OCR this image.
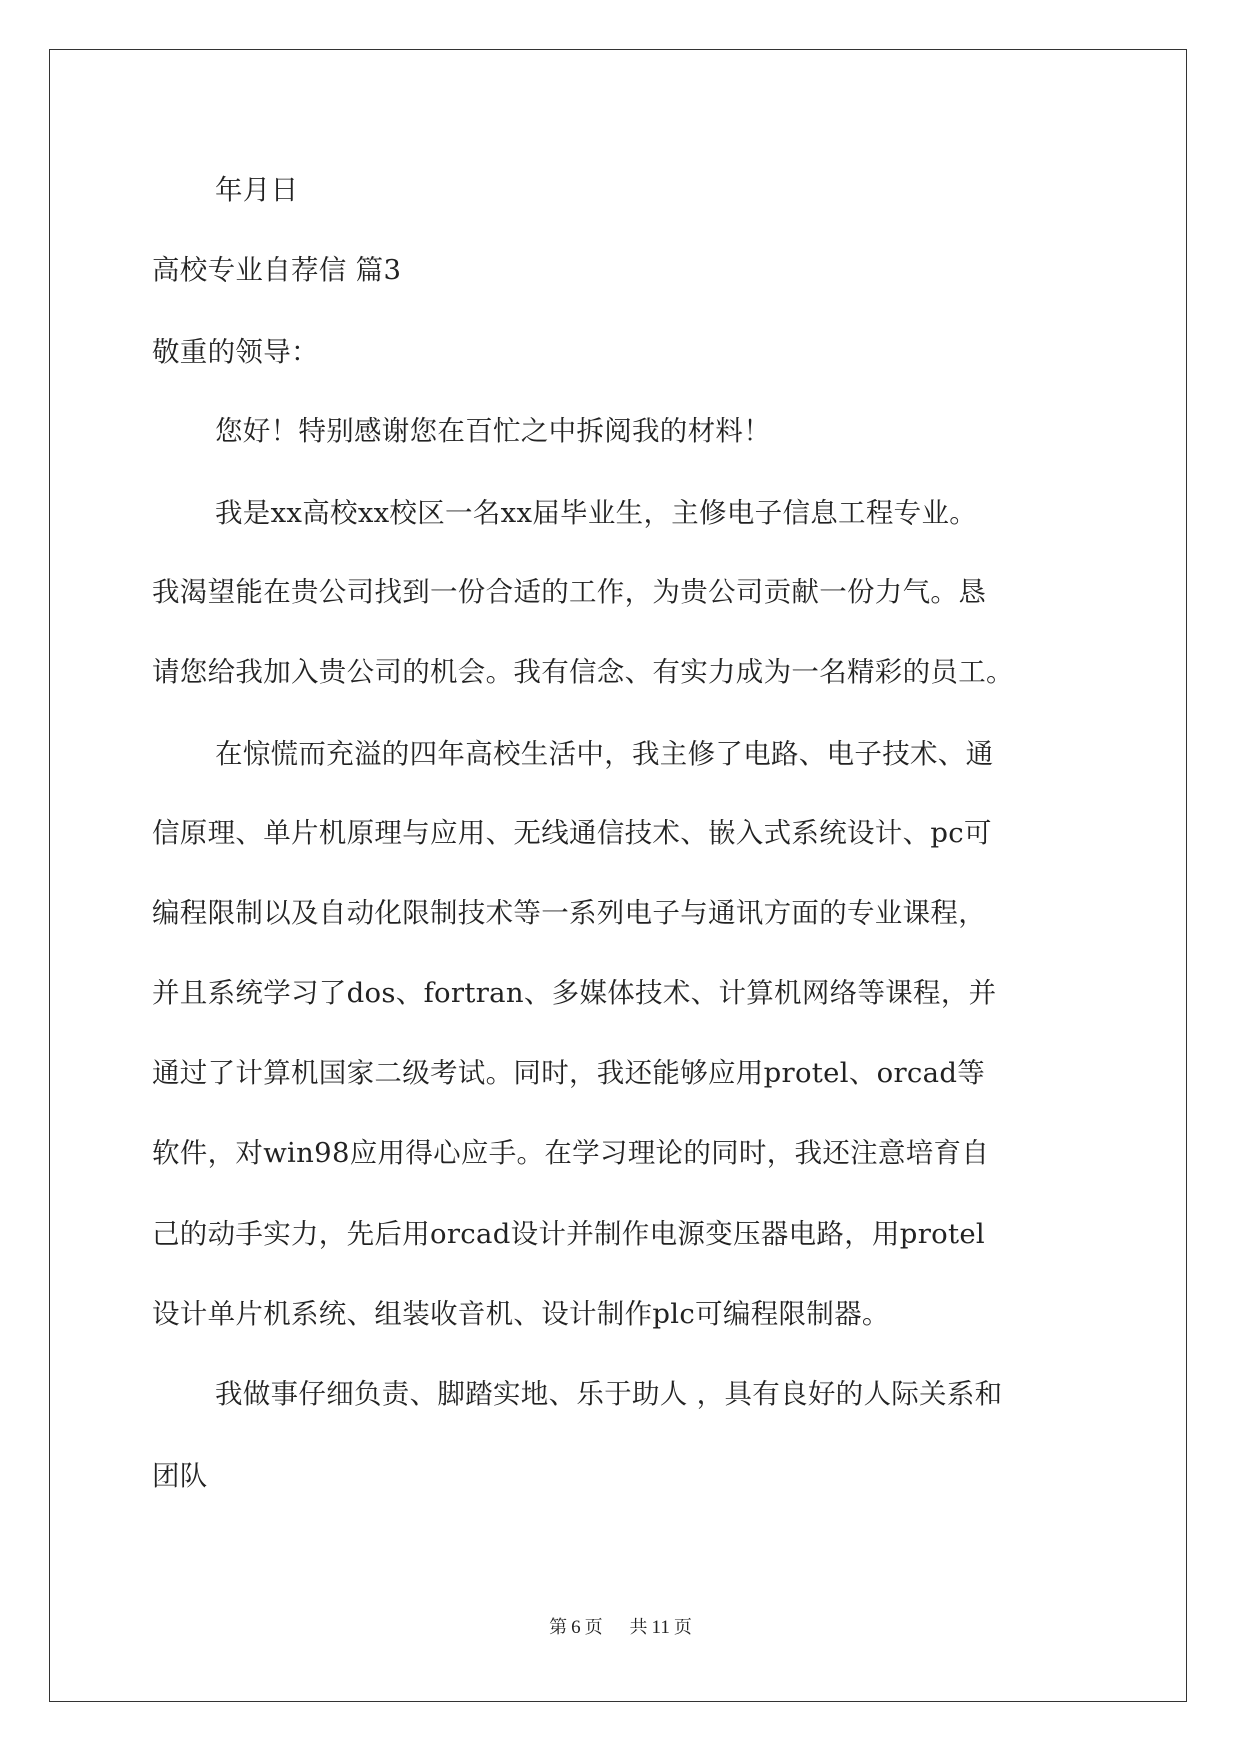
年月日
高校专业自荐信 篇3
敬重的领导：
您好！特别感谢您在百忙之中拆阅我的材料！
我是xx高校xx校区一名xx届毕业生，主修电子信息工程专业。
我渴望能在贵公司找到一份合适的工作，为贵公司贡献一份力气。恳
请您给我加入贵公司的机会。我有信念、有实力成为一名精彩的员工。
在惊慌而充溢的四年高校生活中，我主修了电路、电子技术、通
信原理、单片机原理与应用、无线通信技术、嵌入式系统设计、pc可
编程限制以及自动化限制技术等一系列电子与通讯方面的专业课程，
并且系统学习了dos、fortran、多媒体技术、计算机网络等课程，并
通过了计算机国家二级考试。同时，我还能够应用protel、orcad等
软件，对win98应用得心应手。在学习理论的同时，我还注意培育自
己的动手实力，先后用orcad设计并制作电源变压器电路，用protel
设计单片机系统、组装收音机、设计制作plc可编程限制器。
我做事仔细负责、脚踏实地、乐于助人 ，具有良好的人际关系和
团队
第 6 页 共 11 页
